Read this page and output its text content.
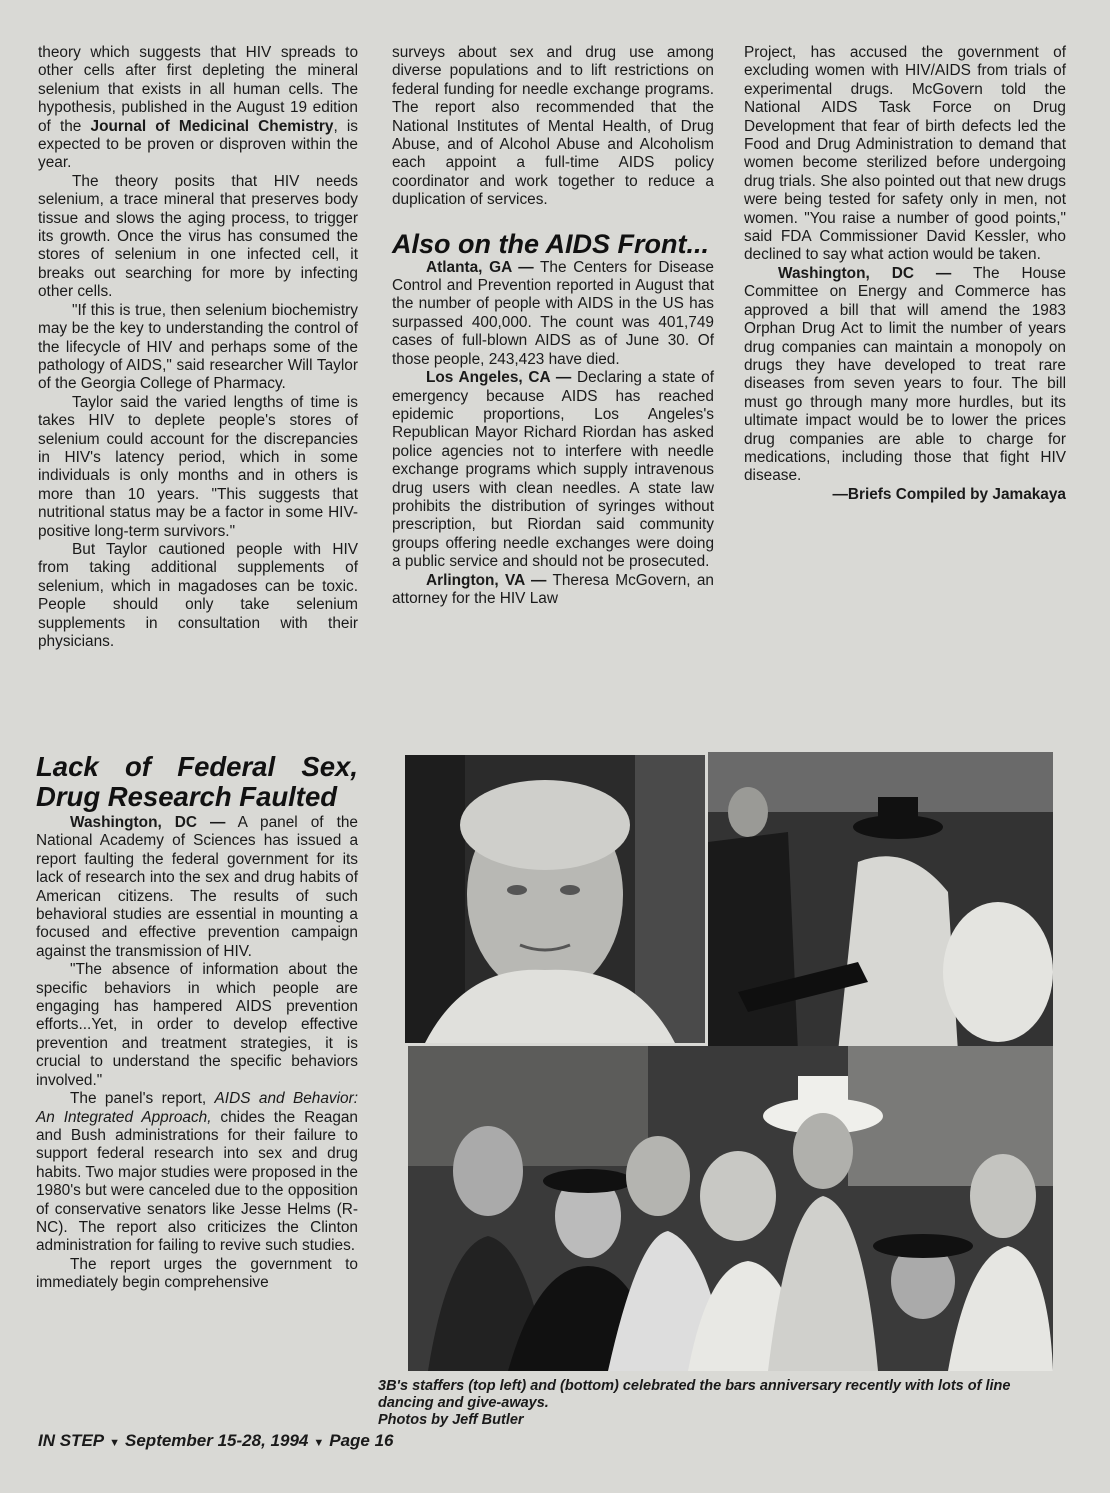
theory which suggests that HIV spreads to other cells after first depleting the mineral selenium that exists in all human cells. The hypothesis, published in the August 19 edition of the Journal of Medicinal Chemistry, is expected to be proven or disproven within the year.

The theory posits that HIV needs selenium, a trace mineral that preserves body tissue and slows the aging process, to trigger its growth. Once the virus has consumed the stores of selenium in one infected cell, it breaks out searching for more by infecting other cells.

"If this is true, then selenium biochemistry may be the key to understanding the control of the lifecycle of HIV and perhaps some of the pathology of AIDS," said researcher Will Taylor of the Georgia College of Pharmacy.

Taylor said the varied lengths of time is takes HIV to deplete people's stores of selenium could account for the discrepancies in HIV's latency period, which in some individuals is only months and in others is more than 10 years. "This suggests that nutritional status may be a factor in some HIV-positive long-term survivors."

But Taylor cautioned people with HIV from taking additional supplements of selenium, which in magadoses can be toxic. People should only take selenium supplements in consultation with their physicians.

surveys about sex and drug use among diverse populations and to lift restrictions on federal funding for needle exchange programs. The report also recommended that the National Institutes of Mental Health, of Drug Abuse, and of Alcohol Abuse and Alcoholism each appoint a full-time AIDS policy coordinator and work together to reduce a duplication of services.

Also on the AIDS Front...

Atlanta, GA — The Centers for Disease Control and Prevention reported in August that the number of people with AIDS in the US has surpassed 400,000. The count was 401,749 cases of full-blown AIDS as of June 30. Of those people, 243,423 have died.

Los Angeles, CA — Declaring a state of emergency because AIDS has reached epidemic proportions, Los Angeles's Republican Mayor Richard Riordan has asked police agencies not to interfere with needle exchange programs which supply intravenous drug users with clean needles. A state law prohibits the distribution of syringes without prescription, but Riordan said community groups offering needle exchanges were doing a public service and should not be prosecuted.

Arlington, VA — Theresa McGovern, an attorney for the HIV Law

Project, has accused the government of excluding women with HIV/AIDS from trials of experimental drugs. McGovern told the National AIDS Task Force on Drug Development that fear of birth defects led the Food and Drug Administration to demand that women become sterilized before undergoing drug trials. She also pointed out that new drugs were being tested for safety only in men, not women. "You raise a number of good points," said FDA Commissioner David Kessler, who declined to say what action would be taken.

Washington, DC — The House Committee on Energy and Commerce has approved a bill that will amend the 1983 Orphan Drug Act to limit the number of years drug companies can maintain a monopoly on drugs they have developed to treat rare diseases from seven years to four. The bill must go through many more hurdles, but its ultimate impact would be to lower the prices drug companies are able to charge for medications, including those that fight HIV disease.

—Briefs Compiled by Jamakaya

Lack of Federal Sex, Drug Research Faulted

Washington, DC — A panel of the National Academy of Sciences has issued a report faulting the federal government for its lack of research into the sex and drug habits of American citizens. The results of such behavioral studies are essential in mounting a focused and effective prevention campaign against the transmission of HIV.

"The absence of information about the specific behaviors in which people are engaging has hampered AIDS prevention efforts...Yet, in order to develop effective prevention and treatment strategies, it is crucial to understand the specific behaviors involved."

The panel's report, AIDS and Behavior: An Integrated Approach, chides the Reagan and Bush administrations for their failure to support federal research into sex and drug habits. Two major studies were proposed in the 1980's but were canceled due to the opposition of conservative senators like Jesse Helms (R- NC). The report also criticizes the Clinton administration for failing to revive such studies.

The report urges the government to immediately begin comprehensive

3B's staffers (top left) and (bottom) celebrated the bars anniversary recently with lots of line dancing and give-aways.
Photos by Jeff Butler
IN STEP ▼ September 15-28, 1994 ▼ Page 16
